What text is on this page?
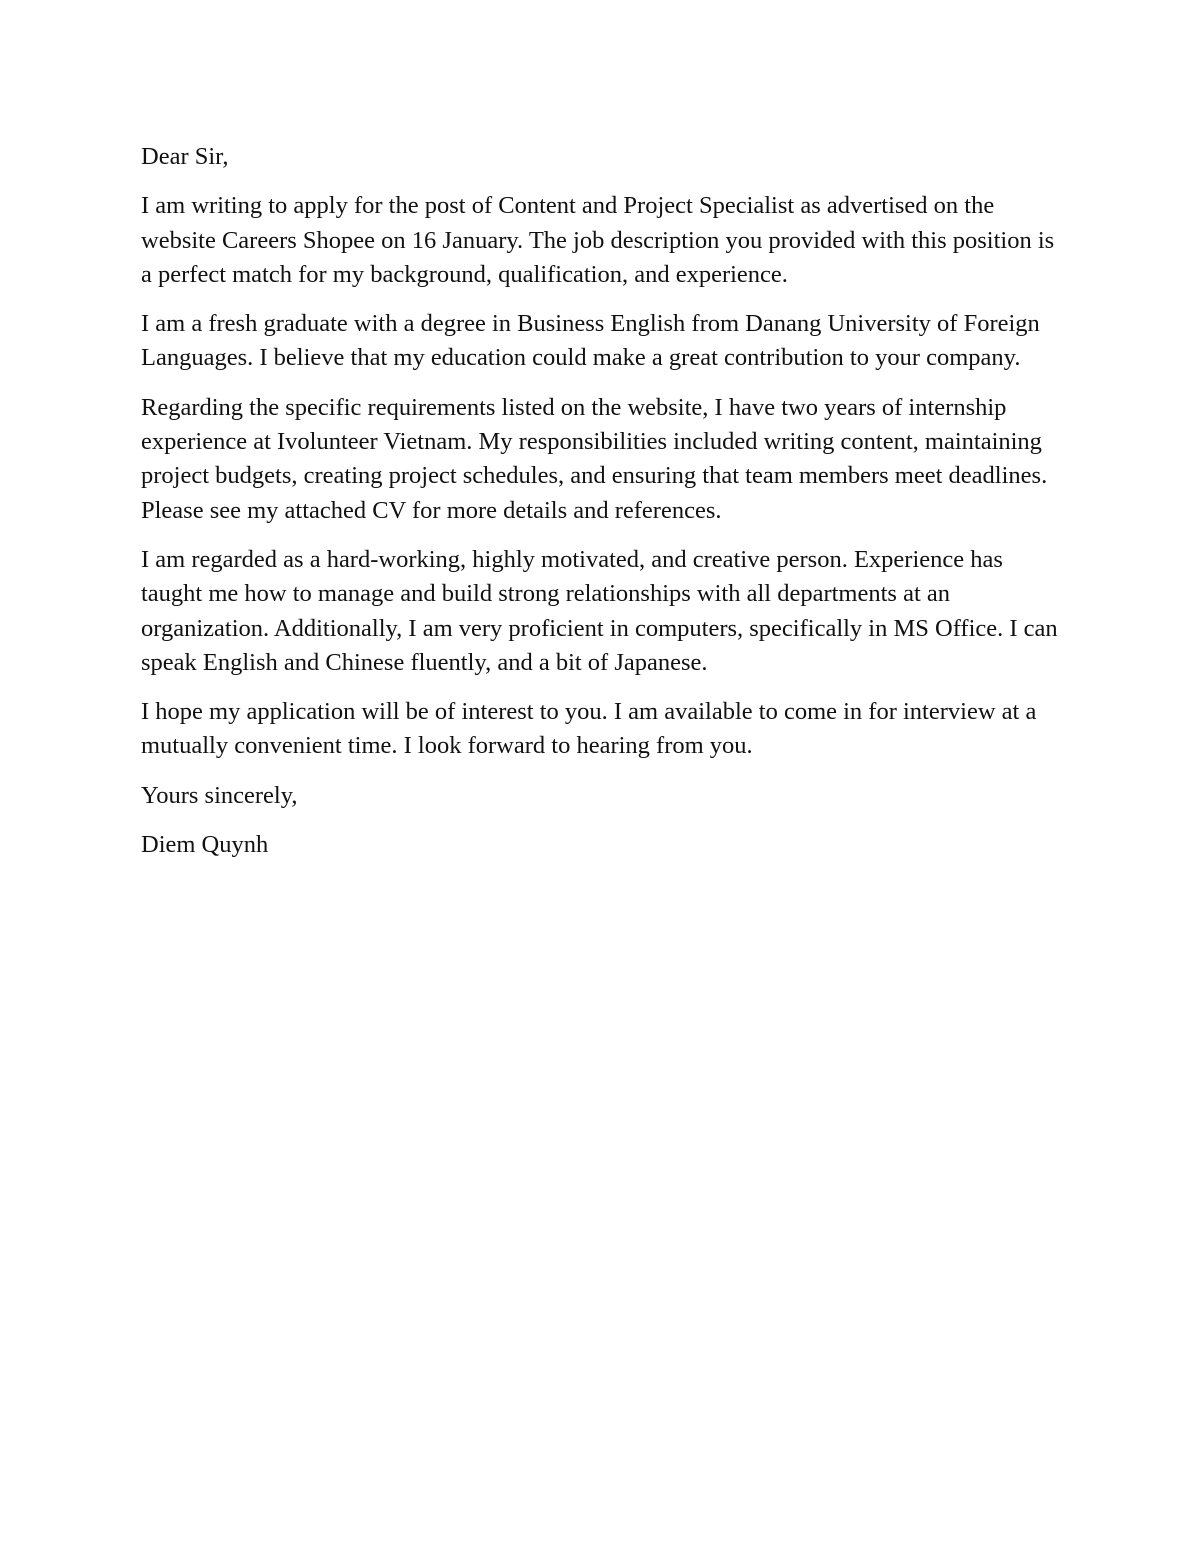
Dear Sir,

I am writing to apply for the post of Content and Project Specialist as advertised on the website Careers Shopee on 16 January. The job description you provided with this position is a perfect match for my background, qualification, and experience.

I am a fresh graduate with a degree in Business English from Danang University of Foreign Languages. I believe that my education could make a great contribution to your company.

Regarding the specific requirements listed on the website, I have two years of internship experience at Ivolunteer Vietnam. My responsibilities included writing content, maintaining project budgets, creating project schedules, and ensuring that team members meet deadlines. Please see my attached CV for more details and references.

I am regarded as a hard-working, highly motivated, and creative person. Experience has taught me how to manage and build strong relationships with all departments at an organization. Additionally, I am very proficient in computers, specifically in MS Office. I can speak English and Chinese fluently, and a bit of Japanese.

I hope my application will be of interest to you. I am available to come in for interview at a mutually convenient time. I look forward to hearing from you.

Yours sincerely,

Diem Quynh
